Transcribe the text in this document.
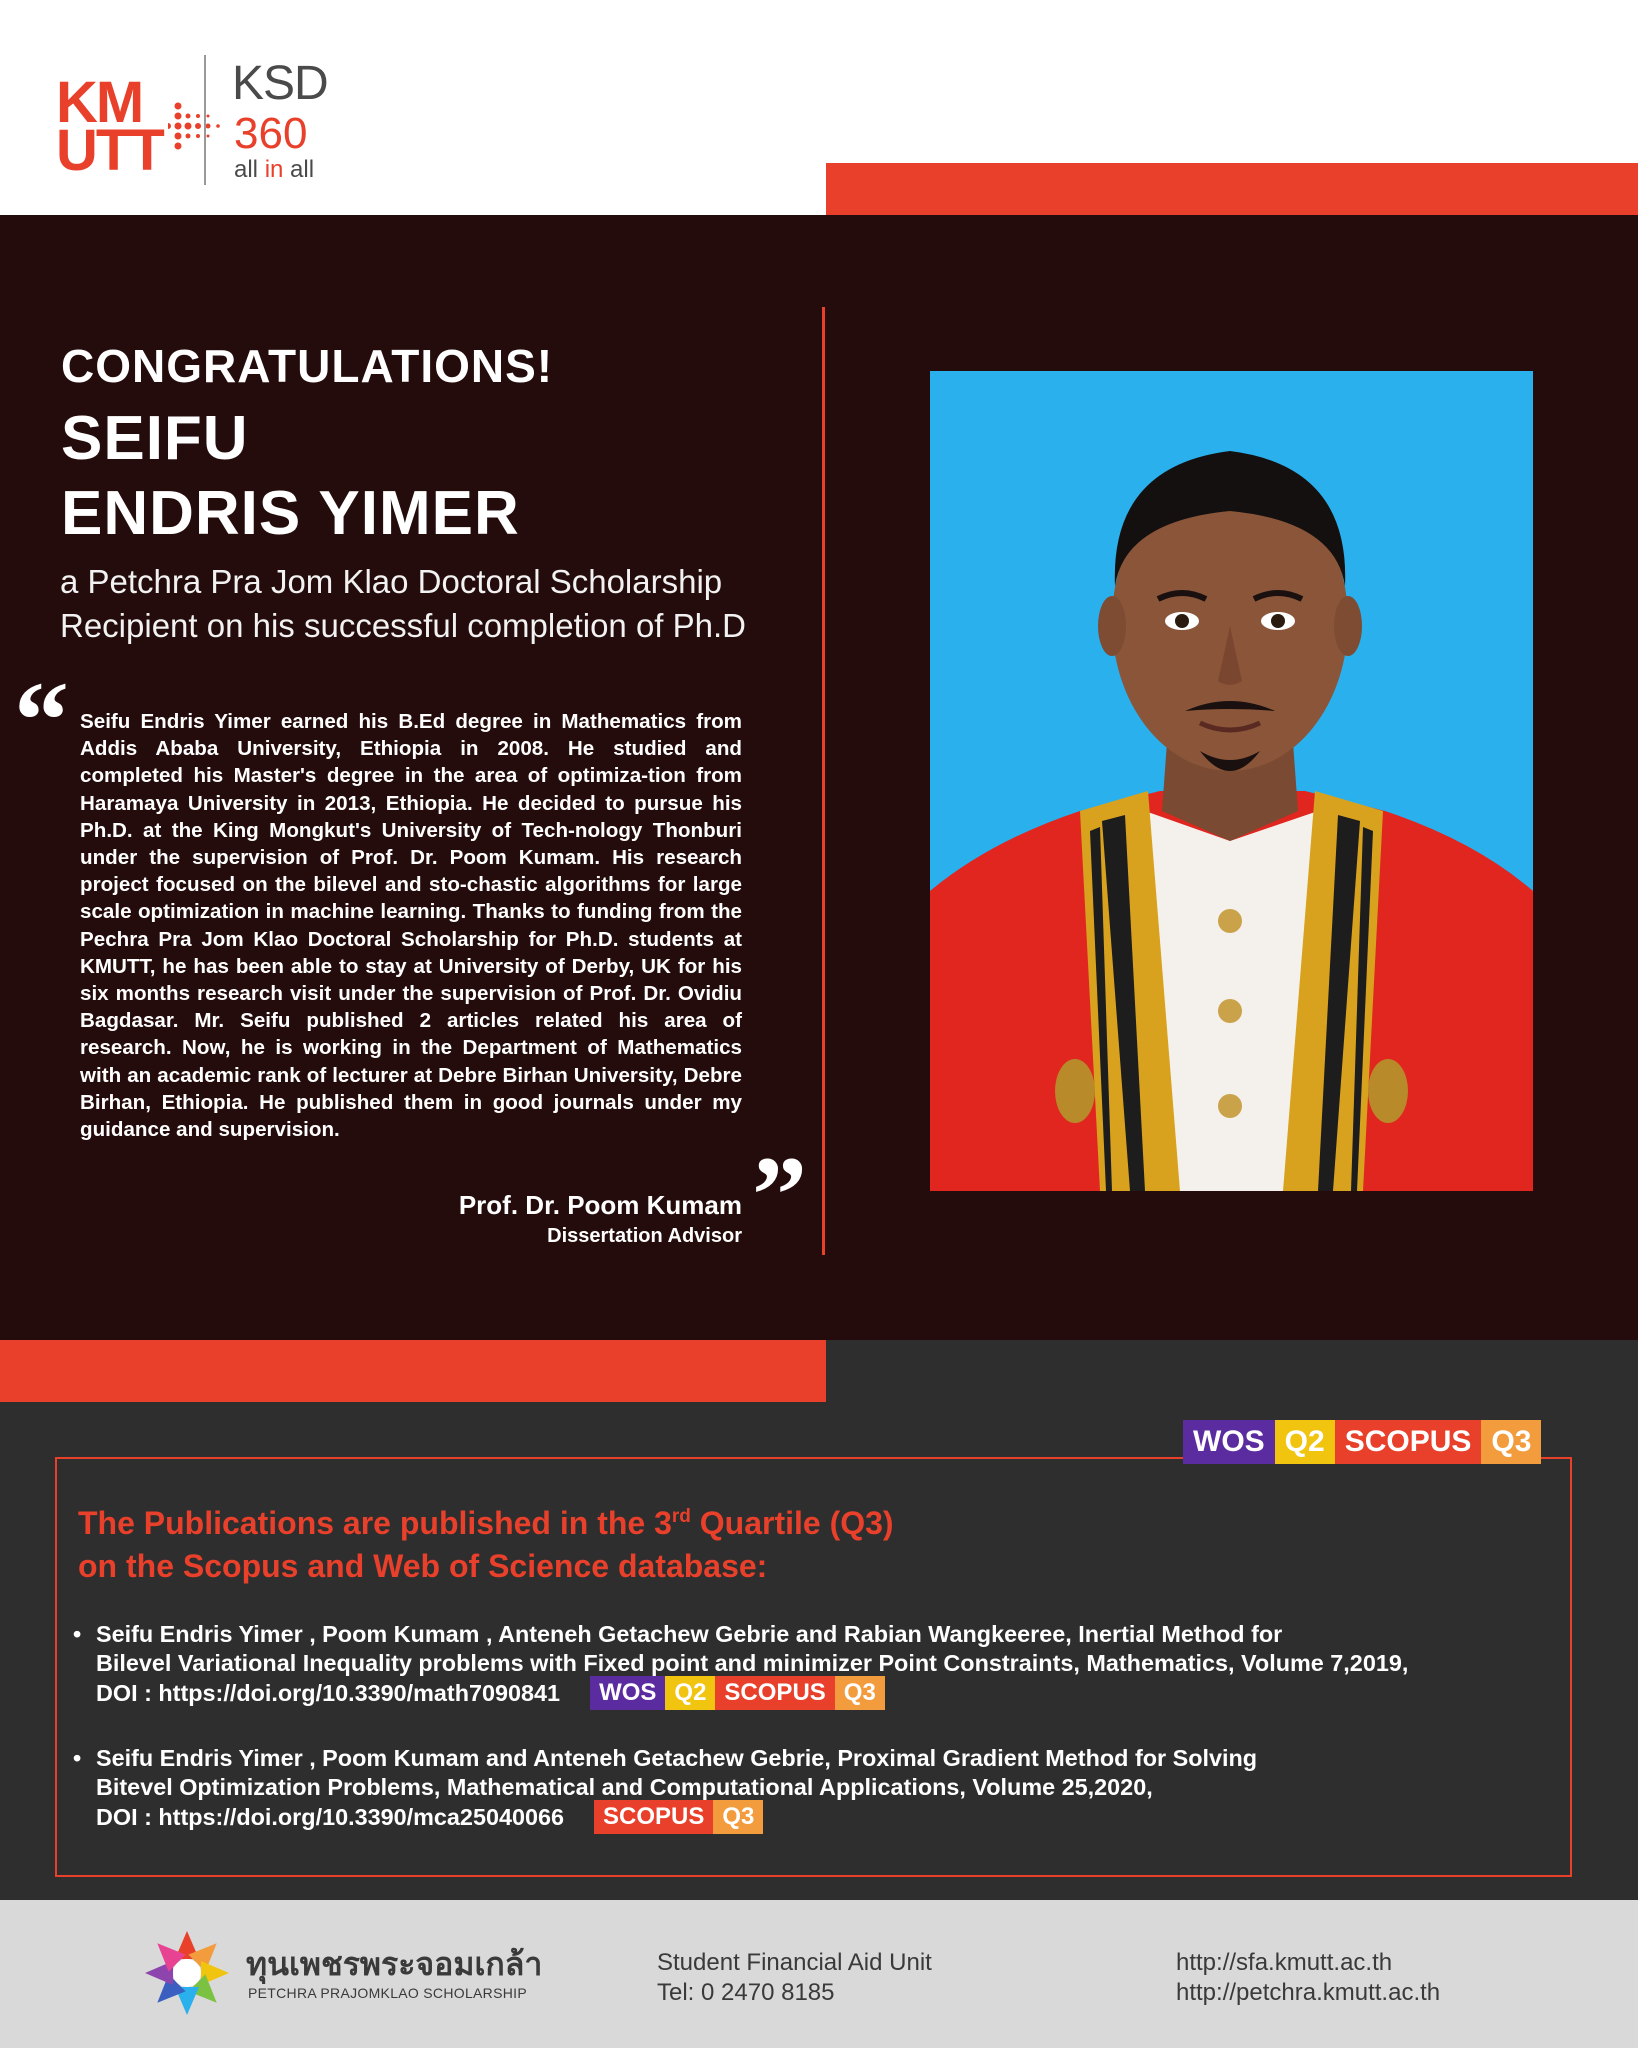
KM
UTT
KSD
360
all in all
CONGRATULATIONS!
SEIFU
ENDRIS YIMER
a Petchra Pra Jom Klao Doctoral Scholarship
Recipient on his successful completion of Ph.D
“ Seifu Endris Yimer earned his B.Ed degree in Mathematics from Addis Ababa University, Ethiopia in 2008. He studied and completed his Master's degree in the area of optimiza-tion from Haramaya University in 2013, Ethiopia. He decided to pursue his Ph.D. at the King Mongkut's University of Tech-nology Thonburi under the supervision of Prof. Dr. Poom Kumam. His research project focused on the bilevel and sto-chastic algorithms for large scale optimization in machine learning. Thanks to funding from the Pechra Pra Jom Klao Doctoral Scholarship for Ph.D. students at KMUTT, he has been able to stay at University of Derby, UK for his six months research visit under the supervision of Prof. Dr. Ovidiu Bagdasar. Mr. Seifu published 2 articles related his area of research. Now, he is working in the Department of Mathematics with an academic rank of lecturer at Debre Birhan University, Debre Birhan, Ethiopia. He published them in good journals under my guidance and supervision.
”
Prof. Dr. Poom Kumam
Dissertation Advisor
WOS Q2 SCOPUS Q3
The Publications are published in the 3rd Quartile (Q3)
on the Scopus and Web of Science database:
• Seifu Endris Yimer , Poom Kumam , Anteneh Getachew Gebrie and Rabian Wangkeeree, Inertial Method for
Bilevel Variational Inequality problems with Fixed point and minimizer Point Constraints, Mathematics, Volume 7,2019,
DOI : https://doi.org/10.3390/math7090841	WOS Q2 SCOPUS Q3
• Seifu Endris Yimer , Poom Kumam and Anteneh Getachew Gebrie, Proximal Gradient Method for Solving
Bitevel Optimization Problems, Mathematical and Computational Applications, Volume 25,2020,
DOI : https://doi.org/10.3390/mca25040066	SCOPUS Q3
ทุนเพชรพระจอมเกล้า
PETCHRA PRAJOMKLAO SCHOLARSHIP
Student Financial Aid Unit
Tel: 0 2470 8185
http://sfa.kmutt.ac.th
http://petchra.kmutt.ac.th
